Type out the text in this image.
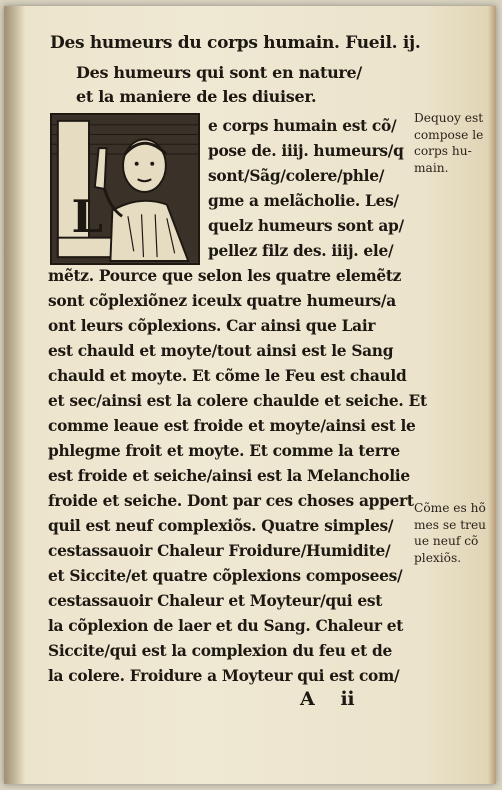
Des humeurs du corps humain. Fueil. ij.
Des humeurs qui sont en nature/
et la maniere de les diuiser.
L
e corps humain est cõ/
pose de. iiij. humeurs/q
sont/Sãg/colere/phle/
gme a melãcholie. Les/
quelz humeurs sont ap/
pellez filz des. iiij. ele/
mẽtz. Pource que selon les quatre elemẽtz
sont cõplexiõnez iceulx quatre humeurs/a
ont leurs cõplexions. Car ainsi que Lair
est chauld et moyte/tout ainsi est le Sang
chauld et moyte. Et cõme le Feu est chauld
et sec/ainsi est la colere chaulde et seiche. Et
comme leaue est froide et moyte/ainsi est le
phlegme froit et moyte. Et comme la terre
est froide et seiche/ainsi est la Melancholie
froide et seiche. Dont par ces choses appert
quil est neuf complexiõs. Quatre simples/
cestassauoir Chaleur Froidure/Humidite/
et Siccite/et quatre cõplexions composees/
cestassauoir Chaleur et Moyteur/qui est
la cõplexion de laer et du Sang. Chaleur et
Siccite/qui est la complexion du feu et de
la colere. Froidure a Moyteur qui est com/
Dequoy est
compose le
corps hu-
main.
Cõme es hõ
mes se treu
ue neuf cõ
plexiõs.
A ii
